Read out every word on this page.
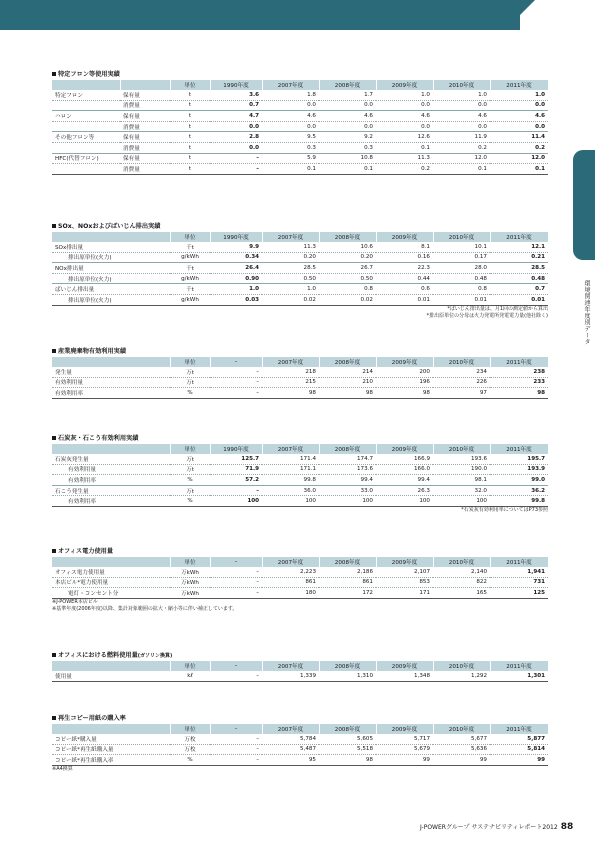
環境関連年度別データ
特定フロン等使用実績
		単位	1990年度	2007年度	2008年度	2009年度	2010年度	2011年度
特定フロン	保有量	t	3.6	1.8	1.7	1.0	1.0	1.0
	消費量	t	0.7	0.0	0.0	0.0	0.0	0.0
ハロン	保有量	t	4.7	4.6	4.6	4.6	4.6	4.6
	消費量	t	0.0	0.0	0.0	0.0	0.0	0.0
その他フロン等	保有量	t	2.8	9.5	9.2	12.6	11.9	11.4
	消費量	t	0.0	0.3	0.3	0.1	0.2	0.2
HFC(代替フロン)	保有量	t	–	5.9	10.8	11.3	12.0	12.0
	消費量	t	–	0.1	0.1	0.2	0.1	0.1
SOx、NOxおよびばいじん排出実績
	単位	1990年度	2007年度	2008年度	2009年度	2010年度	2011年度
SOx排出量	千t	9.9	11.3	10.6	8.1	10.1	12.1
排出原単位(火力)	g/kWh	0.34	0.20	0.20	0.16	0.17	0.21
NOx排出量	千t	26.4	28.5	26.7	22.3	28.0	28.5
排出原単位(火力)	g/kWh	0.90	0.50	0.50	0.44	0.48	0.48
ばいじん排出量	千t	1.0	1.0	0.8	0.6	0.8	0.7
排出原単位(火力)	g/kWh	0.03	0.02	0.02	0.01	0.01	0.01
*ばいじん排出量は、月1回の測定値から算出
*排出原単位の分母は火力発電所発電電力量(他社除く)
産業廃棄物有効利用実績
	単位	–	2007年度	2008年度	2009年度	2010年度	2011年度
発生量	万t	–	218	214	200	234	238
有効利用量	万t	–	215	210	196	226	233
有効利用率	%	–	98	98	98	97	98
石炭灰・石こう有効利用実績
	単位	1990年度	2007年度	2008年度	2009年度	2010年度	2011年度
石炭灰発生量	万t	125.7	171.4	174.7	166.9	193.6	195.7
有効利用量	万t	71.9	171.1	173.6	166.0	190.0	193.9
有効利用率	%	57.2	99.8	99.4	99.4	98.1	99.0
石こう発生量	万t	–	36.0	33.0	26.3	32.0	36.2
有効利用率	%	100	100	100	100	100	99.8
*石炭灰有効利用率についてはP73参照
オフィス電力使用量
	単位	–	2007年度	2008年度	2009年度	2010年度	2011年度
オフィス電力使用量	万kWh	–	2,223	2,186	2,107	2,140	1,941
本店ビル*電力使用量	万kWh	–	861	861	853	822	731
電灯・コンセント分	万kWh	–	180	172	171	165	125
※J-POWER本店ビル
※基準年度(2006年度)以降、集計対象範囲の拡大・縮小等に伴い補正しています。
オフィスにおける燃料使用量(ガソリン換算)
	単位	–	2007年度	2008年度	2009年度	2010年度	2011年度
使用量	kℓ	–	1,339	1,310	1,348	1,292	1,301
再生コピー用紙の購入率
	単位	–	2007年度	2008年度	2009年度	2010年度	2011年度
コピー紙*購入量	万枚	–	5,784	5,605	5,717	5,677	5,877
コピー紙*再生紙購入量	万枚	–	5,487	5,518	5,679	5,636	5,814
コピー紙*再生紙購入率	%	–	95	98	99	99	99
※A4換算
J-POWERグループ サステナビリティレポート2012 88
